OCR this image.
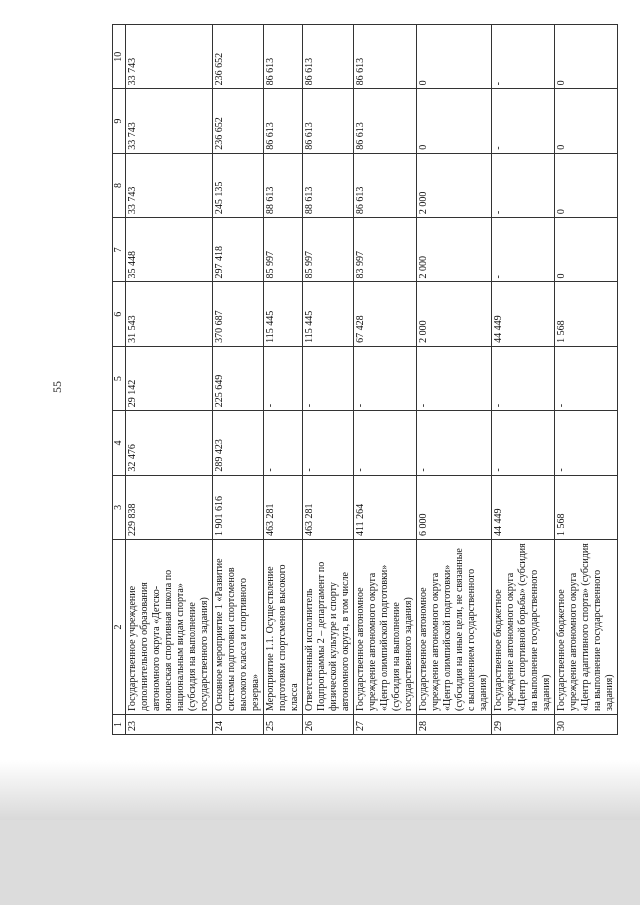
55
1	2	3	4	5	6	7	8	9	10
23	Государственное учреждение дополнительного образования автономного округа «Детско-юношеская спортивная школа по национальным видам спорта» (субсидия на выполнение государственного задания)	229 838	32 476	29 142	31 543	35 448	33 743	33 743	33 743
24	Основное мероприятие 1 «Развитие системы подготовки спортсменов высокого класса и спортивного резерва»	1 901 616	289 423	225 649	370 687	297 418	245 135	236 652	236 652
25	Мероприятие 1.1. Осуществление подготовки спортсменов высокого класса	463 281	-	-	115 445	85 997	88 613	86 613	86 613
26	Ответственный исполнитель Подпрограммы 2 – департамент по физической культуре и спорту автономного округа, в том числе	463 281	-	-	115 445	85 997	88 613	86 613	86 613
27	Государственное автономное учреждение автономного округа «Центр олимпийской подготовки» (субсидия на выполнение государственного задания)	411 264	-	-	67 428	83 997	86 613	86 613	86 613
28	Государственное автономное учреждение автономного округа «Центр олимпийской подготовки» (субсидия на иные цели, не связанные с выполнением государственного задания)	6 000	-	-	2 000	2 000	2 000	0	0
29	Государственное бюджетное учреждение автономного округа «Центр спортивной борьбы» (субсидия на выполнение государственного задания)	44 449	-	-	44 449	-	-	-	-
30	Государственное бюджетное учреждение автономного округа «Центр адаптивного спорта» (субсидия на выполнение государственного задания)	1 568	-	-	1 568	0	0	0	0
